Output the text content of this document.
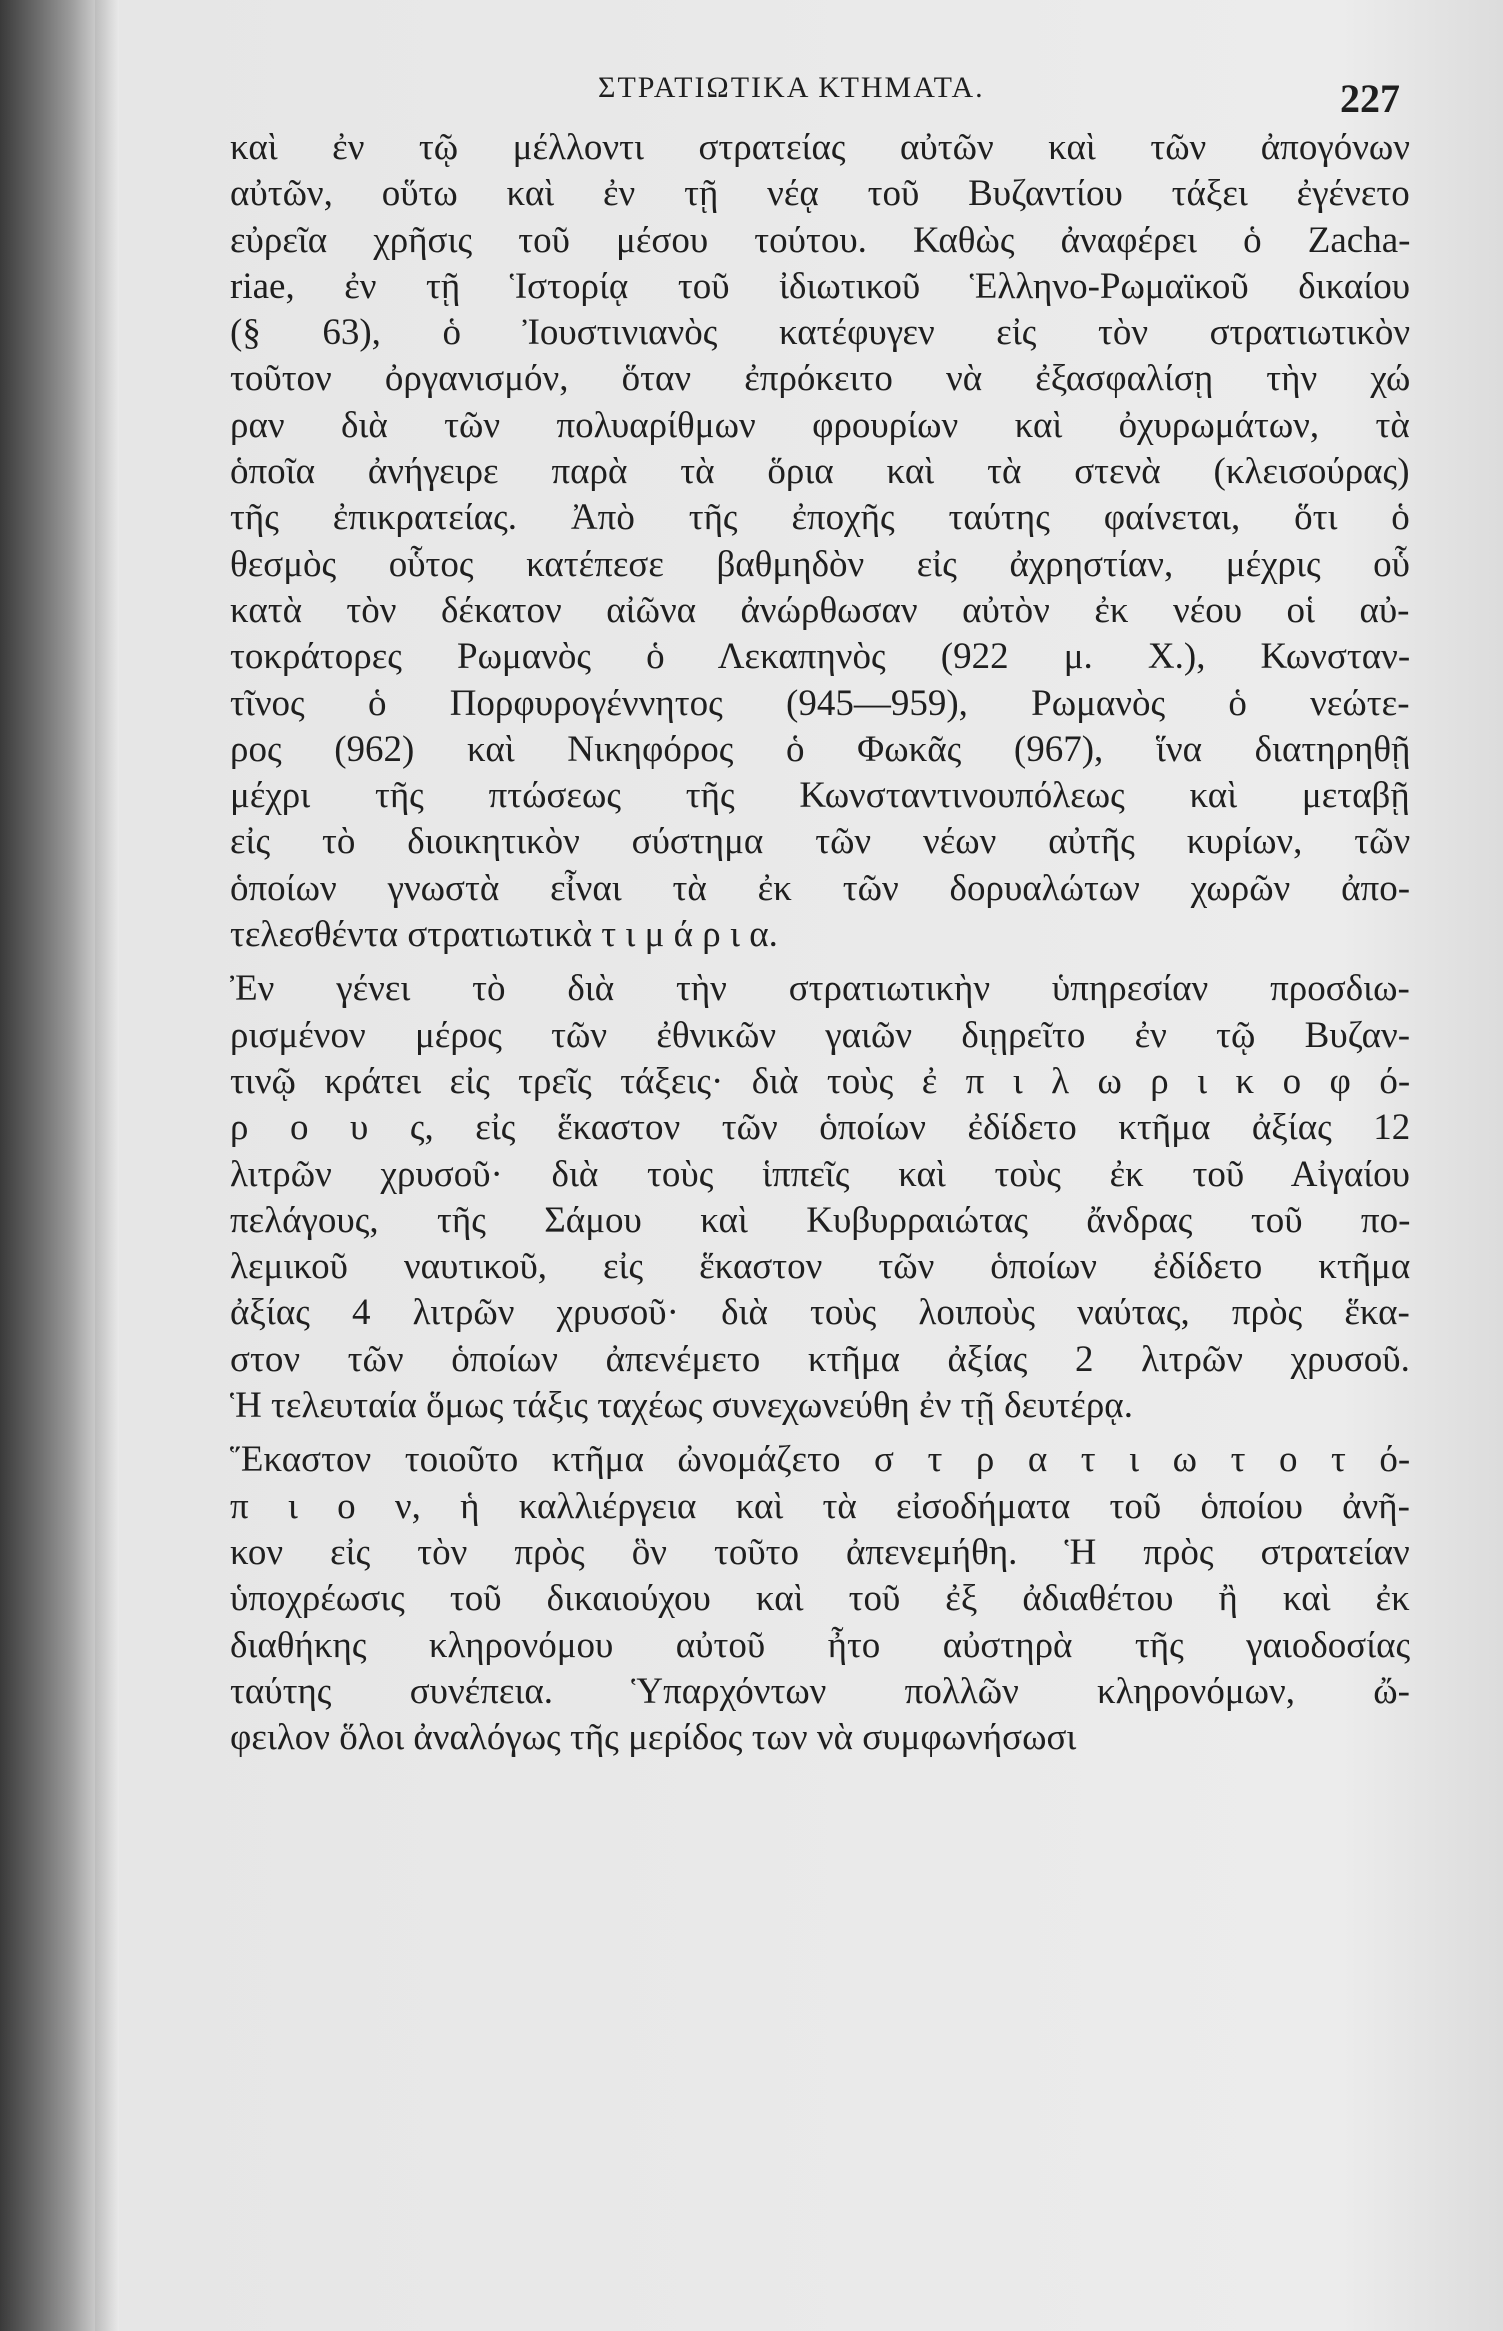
ΣΤΡΑΤΙΩΤΙΚΑ ΚΤΗΜΑΤΑ.	227
καὶ ἐν τῷ μέλλοντι στρατείας αὐτῶν καὶ τῶν ἀπογόνων
αὐτῶν, οὕτω καὶ ἐν τῇ νέᾳ τοῦ Βυζαντίου τάξει ἐγένετο
εὐρεῖα χρῆσις τοῦ μέσου τούτου. Καθὼς ἀναφέρει ὁ Zacha-
riae, ἐν τῇ Ἱστορίᾳ τοῦ ἰδιωτικοῦ Ἑλληνο-Ρωμαϊκοῦ δικαίου
(§ 63), ὁ Ἰουστινιανὸς κατέφυγεν εἰς τὸν στρατιωτικὸν
τοῦτον ὀργανισμόν, ὅταν ἐπρόκειτο νὰ ἐξασφαλίσῃ τὴν χώ
ραν διὰ τῶν πολυαρίθμων φρουρίων καὶ ὀχυρωμάτων, τὰ
ὁποῖα ἀνήγειρε παρὰ τὰ ὅρια καὶ τὰ στενὰ (κλεισούρας)
τῆς ἐπικρατείας. Ἀπὸ τῆς ἐποχῆς ταύτης φαίνεται, ὅτι ὁ
θεσμὸς οὗτος κατέπεσε βαθμηδὸν εἰς ἀχρηστίαν, μέχρις οὗ
κατὰ τὸν δέκατον αἰῶνα ἀνώρθωσαν αὐτὸν ἐκ νέου οἱ αὐ-
τοκράτορες Ρωμανὸς ὁ Λεκαπηνὸς (922 μ. Χ.), Κωνσταν-
τῖνος ὁ Πορφυρογέννητος (945—959), Ρωμανὸς ὁ νεώτε-
ρος (962) καὶ Νικηφόρος ὁ Φωκᾶς (967), ἵνα διατηρηθῇ
μέχρι τῆς πτώσεως τῆς Κωνσταντινουπόλεως καὶ μεταβῇ
εἰς τὸ διοικητικὸν σύστημα τῶν νέων αὐτῆς κυρίων, τῶν
ὁποίων γνωστὰ εἶναι τὰ ἐκ τῶν δορυαλώτων χωρῶν ἀπο-
τελεσθέντα στρατιωτικὰ τ ι μ ά ρ ι α.
Ἐν γένει τὸ διὰ τὴν στρατιωτικὴν ὑπηρεσίαν προσδιω-
ρισμένον μέρος τῶν ἐθνικῶν γαιῶν διῃρεῖτο ἐν τῷ Βυζαν-
τινῷ κράτει εἰς τρεῖς τάξεις· διὰ τοὺς ἐ π ι λ ω ρ ι κ ο φ ό-
ρ ο υ ς, εἰς ἕκαστον τῶν ὁποίων ἐδίδετο κτῆμα ἀξίας 12
λιτρῶν χρυσοῦ· διὰ τοὺς ἱππεῖς καὶ τοὺς ἐκ τοῦ Αἰγαίου
πελάγους, τῆς Σάμου καὶ Κυβυρραιώτας ἄνδρας τοῦ πο-
λεμικοῦ ναυτικοῦ, εἰς ἕκαστον τῶν ὁποίων ἐδίδετο κτῆμα
ἀξίας 4 λιτρῶν χρυσοῦ· διὰ τοὺς λοιποὺς ναύτας, πρὸς ἕκα-
στον τῶν ὁποίων ἀπενέμετο κτῆμα ἀξίας 2 λιτρῶν χρυσοῦ.
Ἡ τελευταία ὅμως τάξις ταχέως συνεχωνεύθη ἐν τῇ δευτέρᾳ.
Ἕκαστον τοιοῦτο κτῆμα ὠνομάζετο σ τ ρ α τ ι ω τ ο τ ό-
π ι ο ν, ἡ καλλιέργεια καὶ τὰ εἰσοδήματα τοῦ ὁποίου ἀνῆ-
κον εἰς τὸν πρὸς ὃν τοῦτο ἀπενεμήθη. Ἡ πρὸς στρατείαν
ὑποχρέωσις τοῦ δικαιούχου καὶ τοῦ ἐξ ἀδιαθέτου ἢ καὶ ἐκ
διαθήκης κληρονόμου αὐτοῦ ἦτο αὐστηρὰ τῆς γαιοδοσίας
ταύτης συνέπεια. Ὑπαρχόντων πολλῶν κληρονόμων, ὤ-
φειλον ὅλοι ἀναλόγως τῆς μερίδος των νὰ συμφωνήσωσι
